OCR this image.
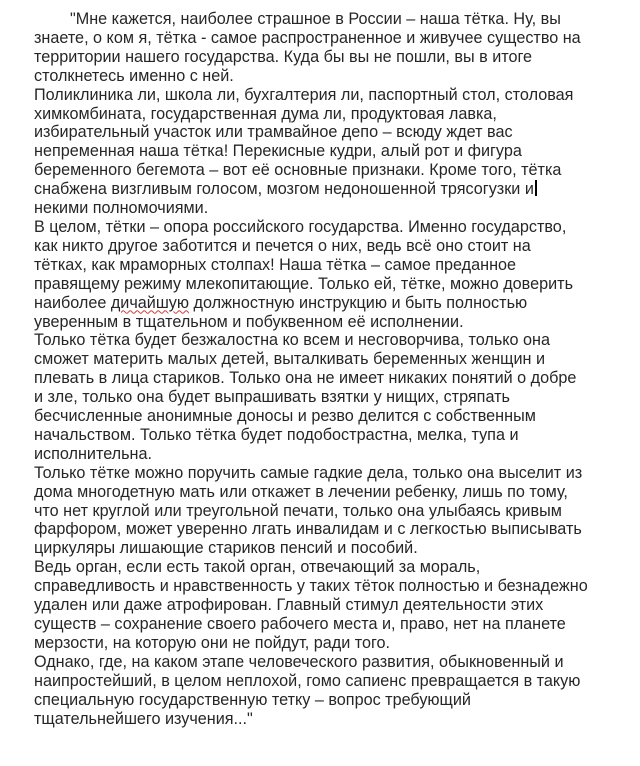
"Мне кажется, наиболее страшное в России – наша тётка. Ну, вы
знаете, о ком я, тётка - самое распространенное и живучее существо на
территории нашего государства. Куда бы вы не пошли, вы в итоге
столкнетесь именно с ней.

Поликлиника ли, школа ли, бухгалтерия ли, паспортный стол, столовая
химкомбината, государственная дума ли, продуктовая лавка,
избирательный участок или трамвайное депо – всюду ждет вас
непременная наша тётка! Перекисные кудри, алый рот и фигура
беременного бегемота – вот её основные признаки. Кроме того, тётка
снабжена визгливым голосом, мозгом недоношенной трясогузки и
некими полномочиями.

В целом, тётки – опора российского государства. Именно государство,
как никто другое заботится и печется о них, ведь всё оно стоит на
тётках, как мраморных столпах! Наша тётка – самое преданное
правящему режиму млекопитающие. Только ей, тётке, можно доверить
наиболее дичайшую должностную инструкцию и быть полностью
уверенным в тщательном и побуквенном её исполнении.

Только тётка будет безжалостна ко всем и несговорчива, только она
сможет материть малых детей, выталкивать беременных женщин и
плевать в лица стариков. Только она не имеет никаких понятий о добре
и зле, только она будет выпрашивать взятки у нищих, стряпать
бесчисленные анонимные доносы и резво делится с собственным
начальством. Только тётка будет подобострастна, мелка, тупа и
исполнительна.

Только тётке можно поручить самые гадкие дела, только она выселит из
дома многодетную мать или откажет в лечении ребенку, лишь по тому,
что нет круглой или треугольной печати, только она улыбаясь кривым
фарфором, может уверенно лгать инвалидам и с легкостью выписывать
циркуляры лишающие стариков пенсий и пособий.

Ведь орган, если есть такой орган, отвечающий за мораль,
справедливость и нравственность у таких тёток полностью и безнадежно
удален или даже атрофирован. Главный стимул деятельности этих
существ – сохранение своего рабочего места и, право, нет на планете
мерзости, на которую они не пойдут, ради того.

Однако, где, на каком этапе человеческого развития, обыкновенный и
наипростейший, в целом неплохой, гомо сапиенс превращается в такую
специальную государственную тетку – вопрос требующий
тщательнейшего изучения..."
